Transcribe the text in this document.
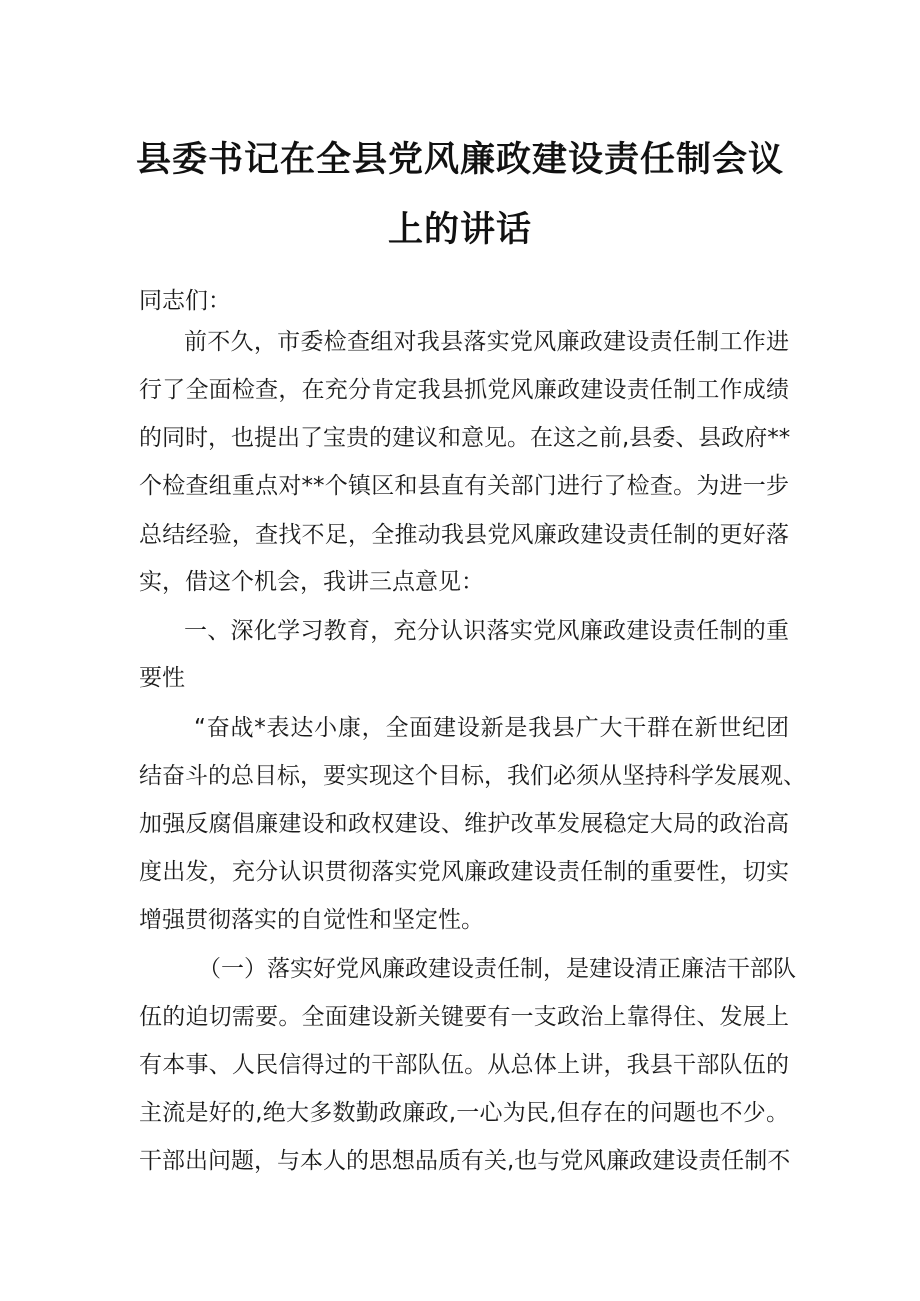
县委书记在全县党风廉政建设责任制会议
上的讲话
同志们：
前不久，市委检查组对我县落实党风廉政建设责任制工作进
行了全面检查，在充分肯定我县抓党风廉政建设责任制工作成绩
的同时，也提出了宝贵的建议和意见。在这之前,县委、县政府**
个检查组重点对**个镇区和县直有关部门进行了检查。为进一步
总结经验，查找不足，全推动我县党风廉政建设责任制的更好落
实，借这个机会，我讲三点意见：
一、深化学习教育，充分认识落实党风廉政建设责任制的重
要性
“奋战*表达小康，全面建设新是我县广大干群在新世纪团
结奋斗的总目标，要实现这个目标，我们必须从坚持科学发展观、
加强反腐倡廉建设和政权建设、维护改革发展稳定大局的政治高
度出发，充分认识贯彻落实党风廉政建设责任制的重要性，切实
增强贯彻落实的自觉性和坚定性。
（一）落实好党风廉政建设责任制，是建设清正廉洁干部队
伍的迫切需要。全面建设新关键要有一支政治上靠得住、发展上
有本事、人民信得过的干部队伍。从总体上讲，我县干部队伍的
主流是好的,绝大多数勤政廉政,一心为民,但存在的问题也不少。
干部出问题，与本人的思想品质有关,也与党风廉政建设责任制不
